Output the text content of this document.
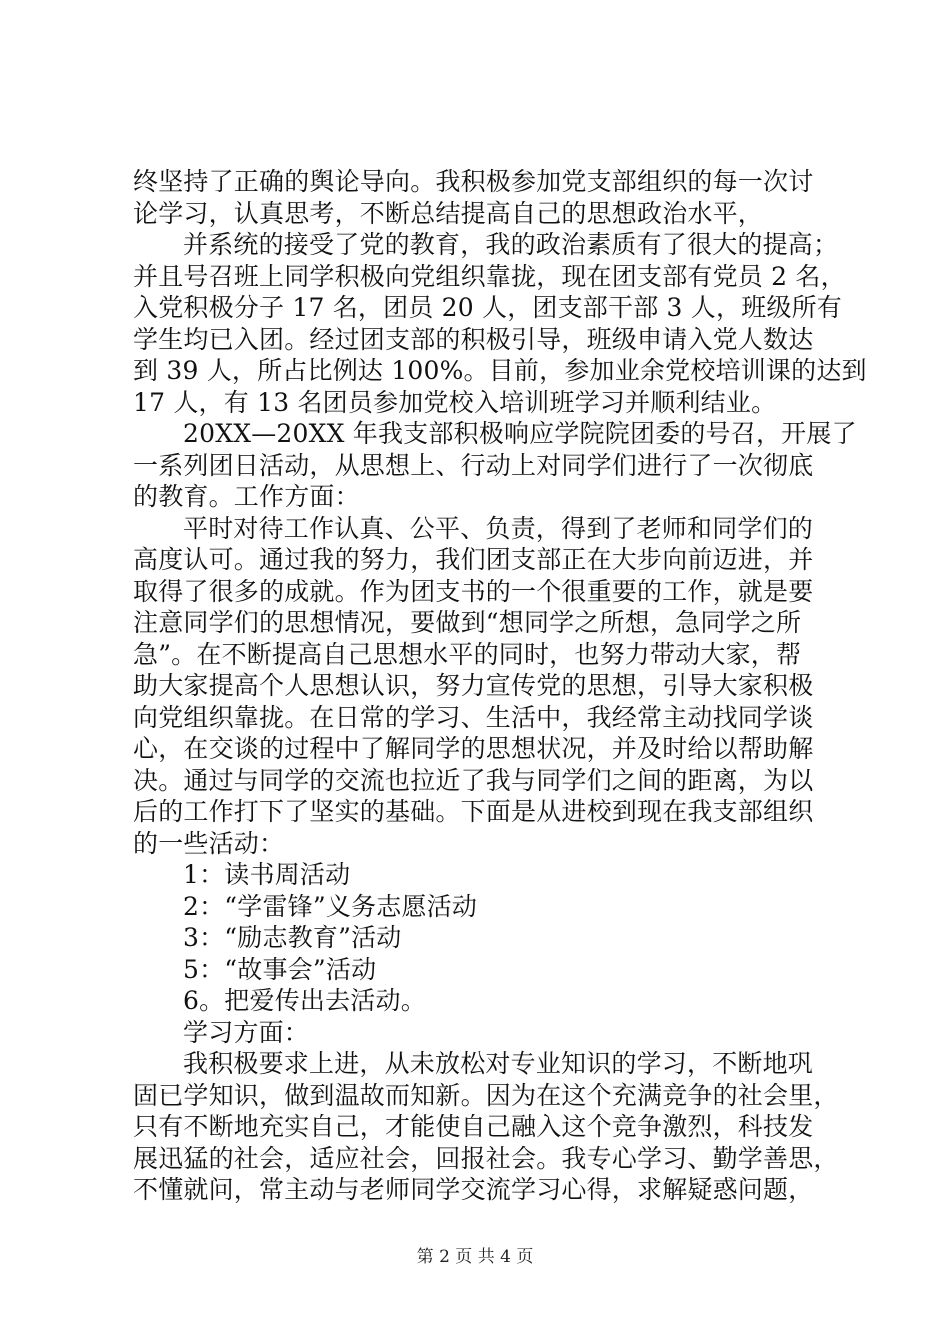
终坚持了正确的舆论导向。我积极参加党支部组织的每一次讨
论学习，认真思考，不断总结提高自己的思想政治水平，
并系统的接受了党的教育，我的政治素质有了很大的提高；
并且号召班上同学积极向党组织靠拢，现在团支部有党员 2 名，
入党积极分子 17 名，团员 20 人，团支部干部 3 人，班级所有
学生均已入团。经过团支部的积极引导，班级申请入党人数达
到 39 人，所占比例达 100%。目前，参加业余党校培训课的达到
17 人，有 13 名团员参加党校入培训班学习并顺利结业。
20XX—20XX 年我支部积极响应学院院团委的号召，开展了
一系列团日活动，从思想上、行动上对同学们进行了一次彻底
的教育。工作方面：
平时对待工作认真、公平、负责，得到了老师和同学们的
高度认可。通过我的努力，我们团支部正在大步向前迈进，并
取得了很多的成就。作为团支书的一个很重要的工作，就是要
注意同学们的思想情况，要做到“想同学之所想，急同学之所
急”。在不断提高自己思想水平的同时，也努力带动大家，帮
助大家提高个人思想认识，努力宣传党的思想，引导大家积极
向党组织靠拢。在日常的学习、生活中，我经常主动找同学谈
心，在交谈的过程中了解同学的思想状况，并及时给以帮助解
决。通过与同学的交流也拉近了我与同学们之间的距离，为以
后的工作打下了坚实的基础。下面是从进校到现在我支部组织
的一些活动：
1：读书周活动
2：“学雷锋”义务志愿活动
3：“励志教育”活动
5：“故事会”活动
6。把爱传出去活动。
学习方面：
我积极要求上进，从未放松对专业知识的学习，不断地巩
固已学知识，做到温故而知新。因为在这个充满竞争的社会里，
只有不断地充实自己，才能使自己融入这个竞争激烈，科技发
展迅猛的社会，适应社会，回报社会。我专心学习、勤学善思，
不懂就问，常主动与老师同学交流学习心得，求解疑惑问题，
第 2 页 共 4 页
